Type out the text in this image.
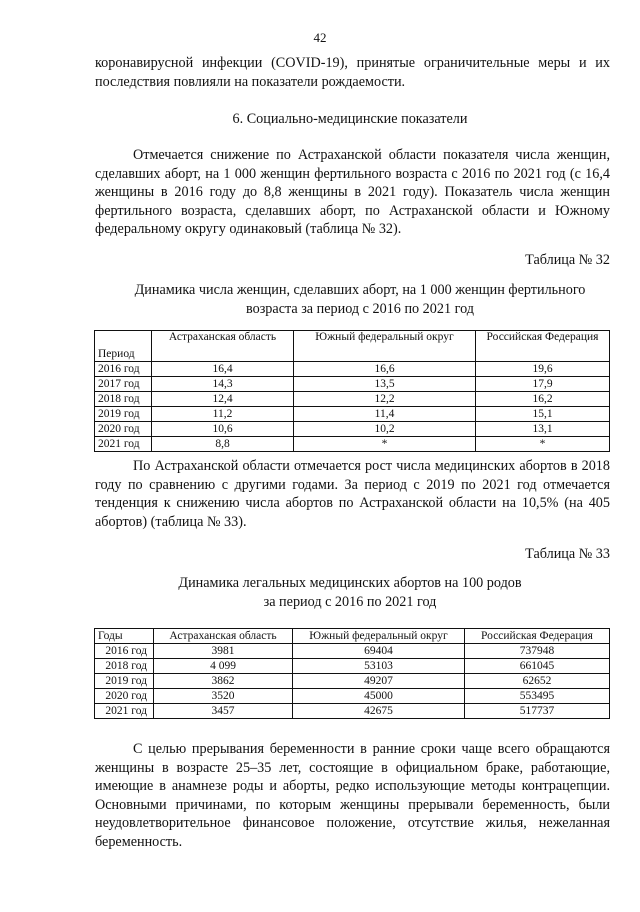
42

коронавирусной инфекции (COVID-19), принятые ограничительные меры и их последствия повлияли на показатели рождаемости.

6. Социально-медицинские показатели

Отмечается снижение по Астраханской области показателя числа женщин, сделавших аборт, на 1 000 женщин фертильного возраста с 2016 по 2021 год (с 16,4 женщины в 2016 году до 8,8 женщины в 2021 году). Показатель числа женщин фертильного возраста, сделавших аборт, по Астраханской области и Южному федеральному округу одинаковый (таблица № 32).

Таблица № 32

Динамика числа женщин, сделавших аборт, на 1 000 женщин фертильного возраста за период с 2016 по 2021 год

Период	Астраханская область	Южный федеральный округ	Российская Федерация
2016 год	16,4	16,6	19,6
2017 год	14,3	13,5	17,9
2018 год	12,4	12,2	16,2
2019 год	11,2	11,4	15,1
2020 год	10,6	10,2	13,1
2021 год	8,8	*	*

По Астраханской области отмечается рост числа медицинских абортов в 2018 году по сравнению с другими годами. За период с 2019 по 2021 год отмечается тенденция к снижению числа абортов по Астраханской области на 10,5% (на 405 абортов) (таблица № 33).

Таблица № 33

Динамика легальных медицинских абортов на 100 родов

за период с 2016 по 2021 год

Годы	Астраханская область	Южный федеральный округ	Российская Федерация
2016 год	3981	69404	737948
2018 год	4 099	53103	661045
2019 год	3862	49207	62652
2020 год	3520	45000	553495
2021 год	3457	42675	517737

С целью прерывания беременности в ранние сроки чаще всего обращаются женщины в возрасте 25–35 лет, состоящие в официальном браке, работающие, имеющие в анамнезе роды и аборты, редко использующие методы контрацепции. Основными причинами, по которым женщины прерывали беременность, были неудовлетворительное финансовое положение, отсутствие жилья, нежеланная беременность.
